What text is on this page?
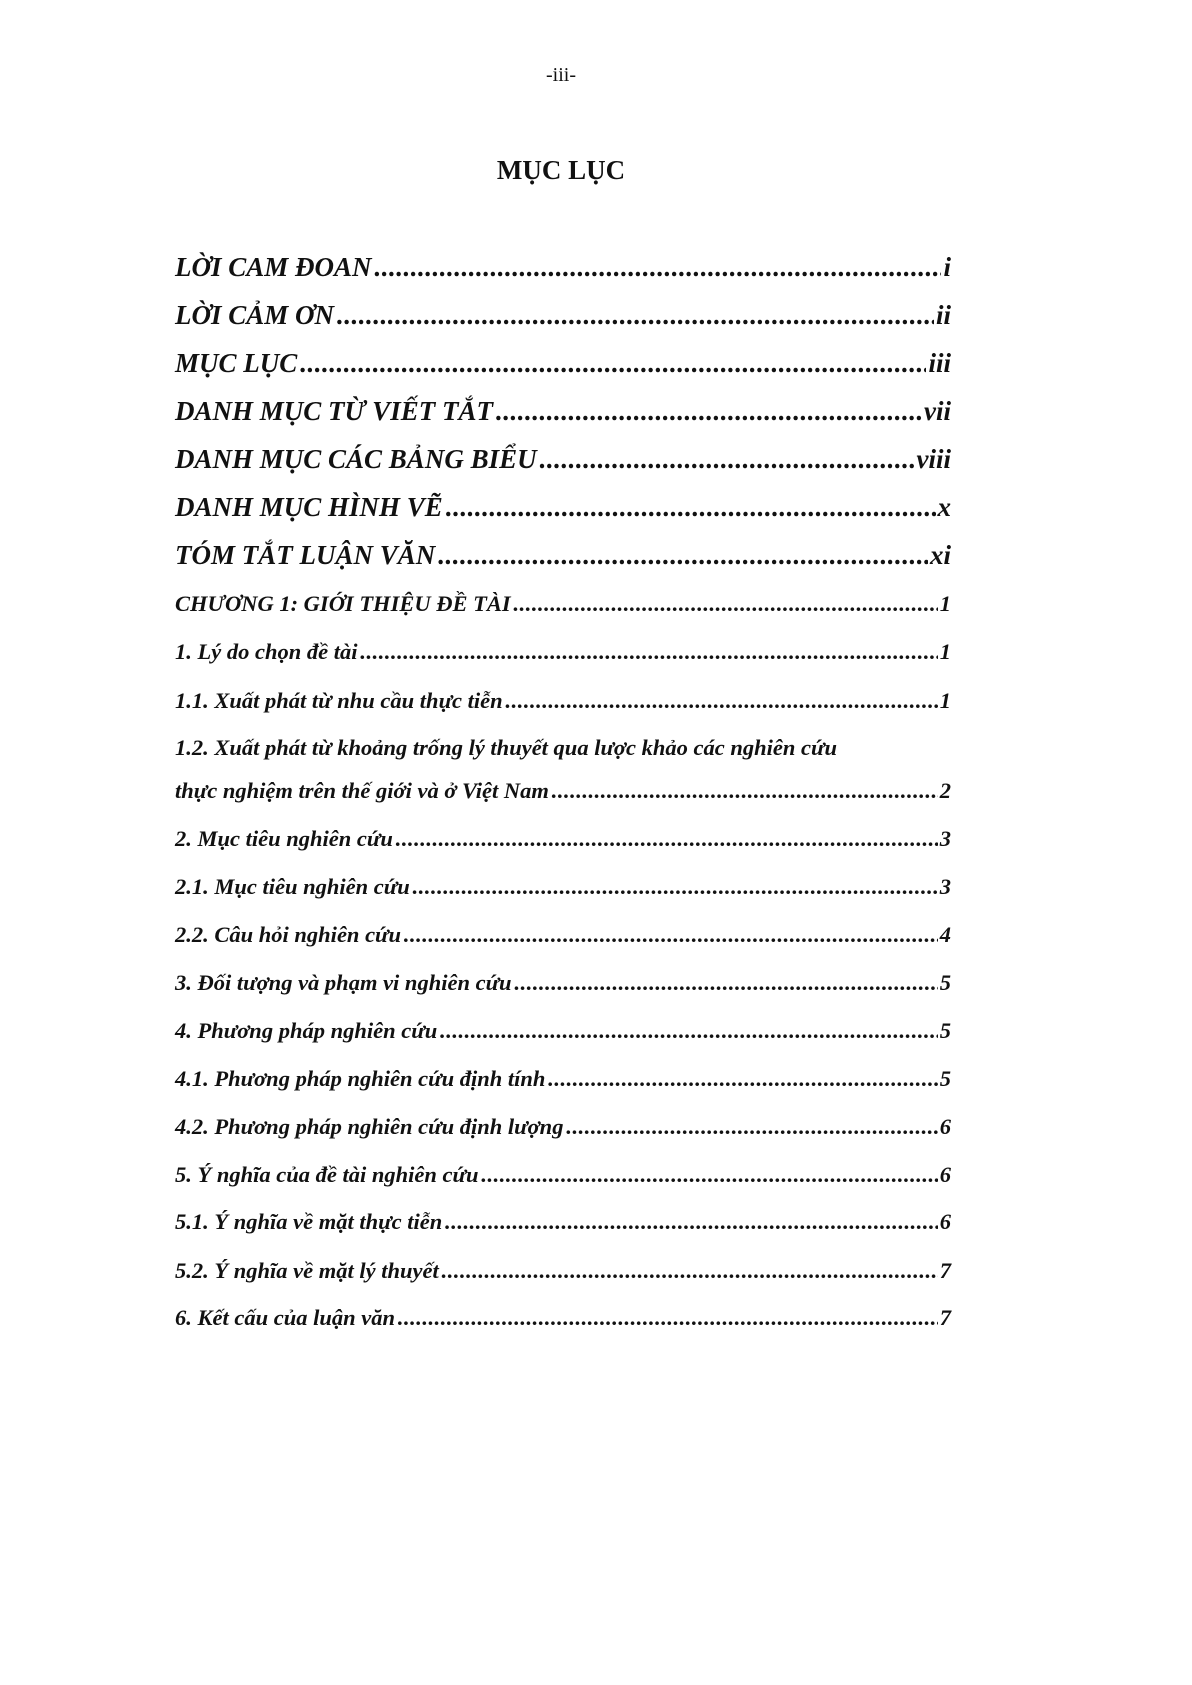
-iii-
MỤC LỤC
LỜI CAM ĐOAN .....	i
LỜI CẢM ƠN .....	ii
MỤC LỤC .....	iii
DANH MỤC TỪ VIẾT TẮT .....	vii
DANH MỤC CÁC BẢNG BIỂU .....	viii
DANH MỤC HÌNH VẼ .....	x
TÓM TẮT LUẬN VĂN .....	xi
CHƯƠNG 1: GIỚI THIỆU ĐỀ TÀI .....	1
1. Lý do chọn đề tài .....	1
1.1. Xuất phát từ nhu cầu thực tiễn .....	1
1.2. Xuất phát từ khoảng trống lý thuyết qua lược khảo các nghiên cứu
thực nghiệm trên thế giới và ở Việt Nam .....	2
2. Mục tiêu nghiên cứu .....	3
2.1. Mục tiêu nghiên cứu .....	3
2.2. Câu hỏi nghiên cứu .....	4
3. Đối tượng và phạm vi nghiên cứu .....	5
4. Phương pháp nghiên cứu .....	5
4.1. Phương pháp nghiên cứu định tính .....	5
4.2. Phương pháp nghiên cứu định lượng .....	6
5. Ý nghĩa của đề tài nghiên cứu .....	6
5.1. Ý nghĩa về mặt thực tiễn .....	6
5.2. Ý nghĩa về mặt lý thuyết .....	7
6. Kết cấu của luận văn .....	7
